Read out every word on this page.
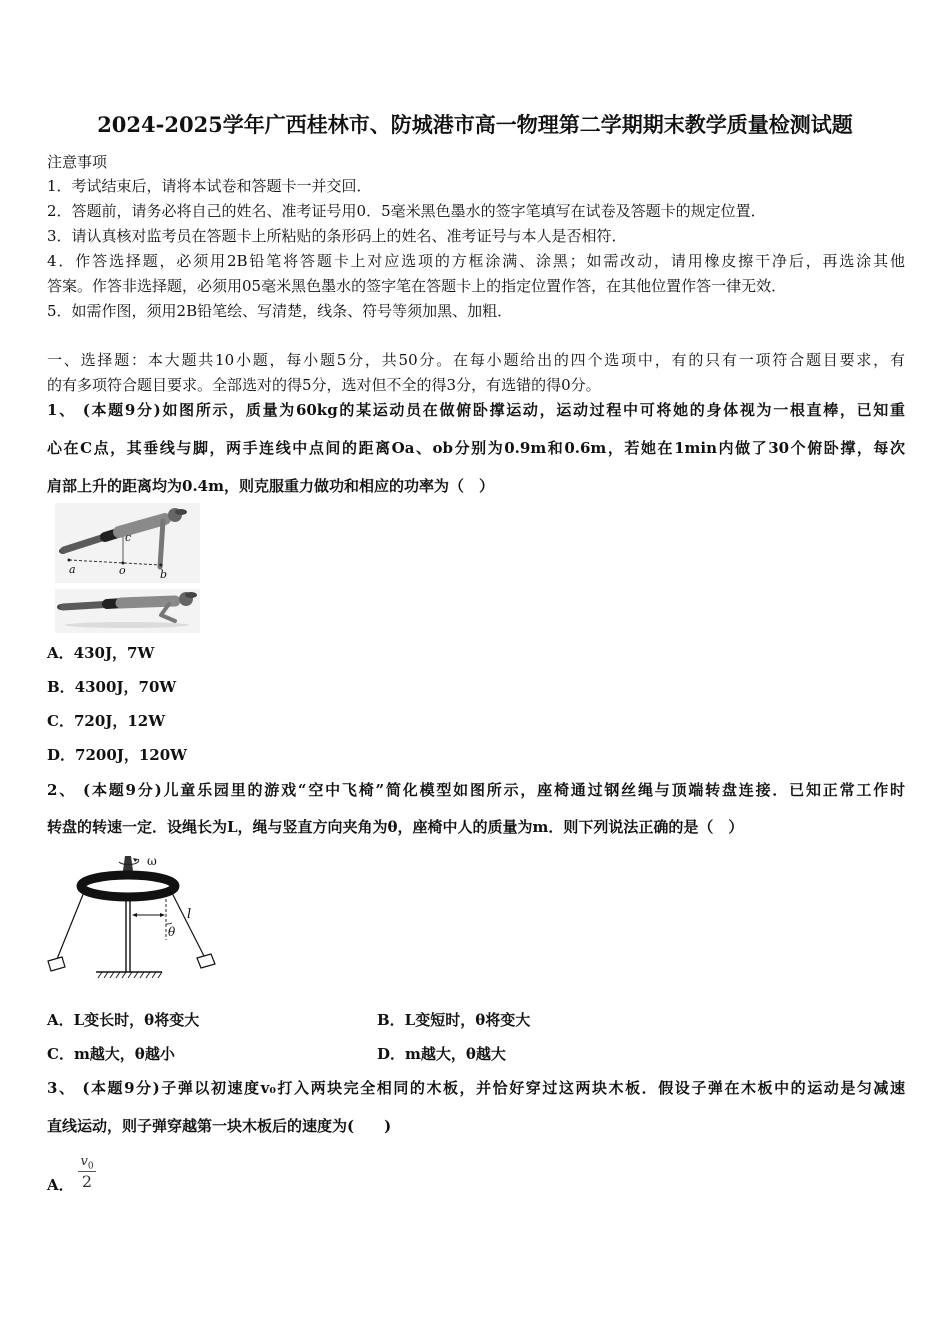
2024-2025学年广西桂林市、防城港市高一物理第二学期期末教学质量检测试题
注意事项
1．考试结束后，请将本试卷和答题卡一并交回．
2．答题前，请务必将自己的姓名、准考证号用0．5毫米黑色墨水的签字笔填写在试卷及答题卡的规定位置．
3．请认真核对监考员在答题卡上所粘贴的条形码上的姓名、准考证号与本人是否相符．
4．作答选择题，必须用2B铅笔将答题卡上对应选项的方框涂满、涂黑；如需改动，请用橡皮擦干净后，再选涂其他
答案。作答非选择题，必须用05毫米黑色墨水的签字笔在答题卡上的指定位置作答，在其他位置作答一律无效．
5．如需作图，须用2B铅笔绘、写清楚，线条、符号等须加黑、加粗．
一、选择题：本大题共10小题，每小题5分，共50分。在每小题给出的四个选项中，有的只有一项符合题目要求，有
的有多项符合题目要求。全部选对的得5分，选对但不全的得3分，有选错的得0分。
1、 (本题9分)如图所示，质量为60kg的某运动员在做俯卧撑运动，运动过程中可将她的身体视为一根直棒，已知重
心在C点，其垂线与脚，两手连线中点间的距离Oa、ob分别为0.9m和0.6m，若她在1min内做了30个俯卧撑，每次
肩部上升的距离均为0.4m，则克服重力做功和相应的功率为（　）
c
a	o	b
A．430J，7W
B．4300J，70W
C．720J，12W
D．7200J，120W
2、 (本题9分)儿童乐园里的游戏“空中飞椅”简化模型如图所示，座椅通过钢丝绳与顶端转盘连接．已知正常工作时
转盘的转速一定．设绳长为L，绳与竖直方向夹角为θ，座椅中人的质量为m．则下列说法正确的是（　）
ω
θ
l
A．L变长时，θ将变大	B．L变短时，θ将变大
C．m越大，θ越小	D．m越大，θ越大
3、 (本题9分)子弹以初速度v₀打入两块完全相同的木板，并恰好穿过这两块木板．假设子弹在木板中的运动是匀减速
直线运动，则子弹穿越第一块木板后的速度为(　　)
A．
$v_0$
2
